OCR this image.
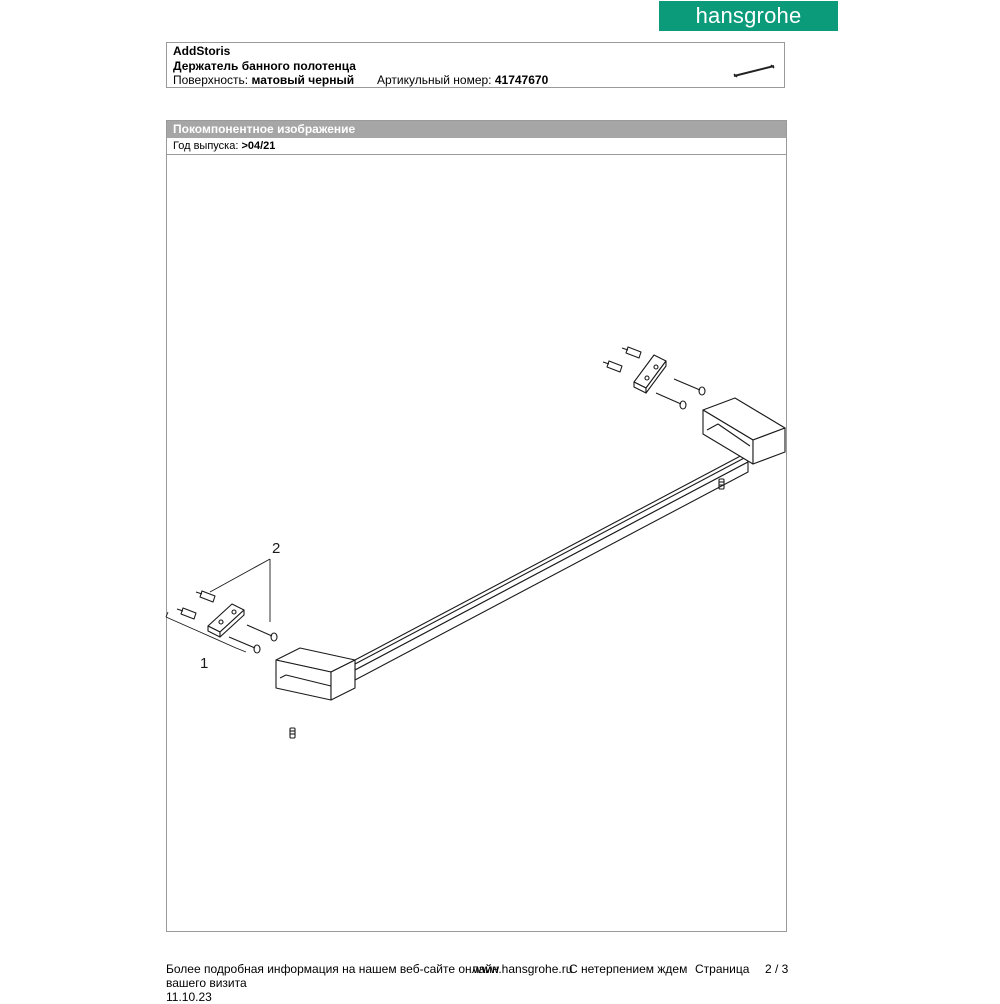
hansgrohe
AddStoris
Держатель банного полотенца
Поверхность: матовый черный Артикульный номер: 41747670
Покомпонентное изображение
Год выпуска: >04/21
1
2
Более подробная информация на нашем веб-сайте онлайн
www.hansgrohe.ru
С нетерпением ждем Страница 2 / 3
вашего визита
11.10.23
